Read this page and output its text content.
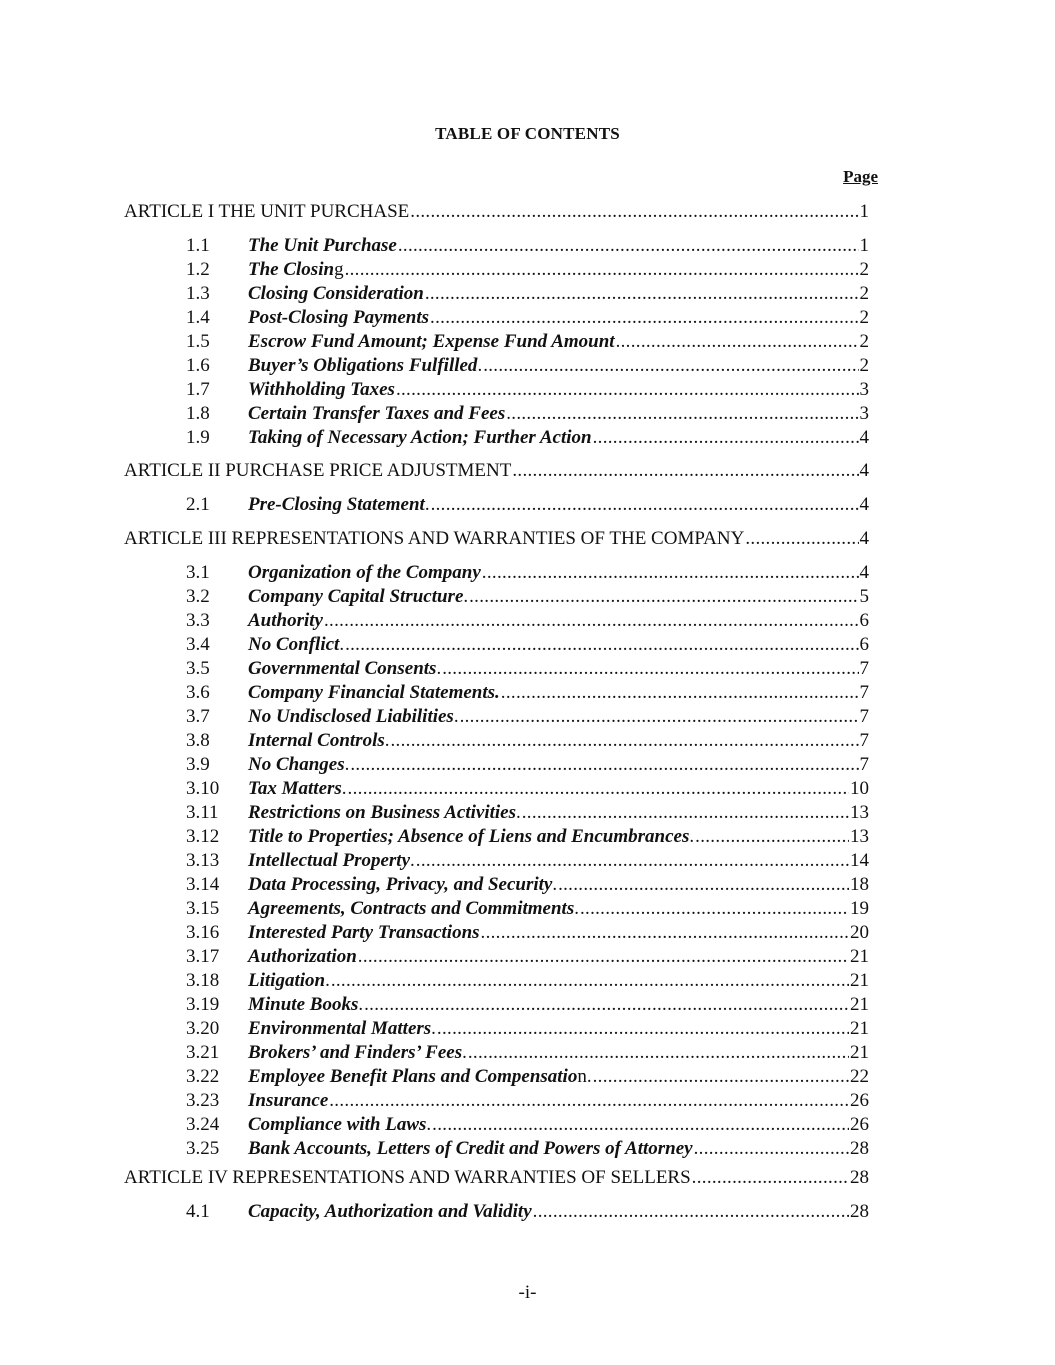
TABLE OF CONTENTS
Page
ARTICLE I THE UNIT PURCHASE .....	1
1.1	The Unit Purchase .....	1
1.2	The Closin g .....	2
1.3	Closing Consideration .....	2
1.4	Post-Closing Payments .....	2
1.5	Escrow Fund Amount; Expense Fund Amount .....	2
1.6	Buyer’s Obligations Fulfilled . .....	2
1.7	Withholding Taxes .....	3
1.8	Certain Transfer Taxes and Fees .....	3
1.9	Taking of Necessary Action; Further Action .....	4
ARTICLE II PURCHASE PRICE ADJUSTMENT .....	4
2.1	Pre-Closing Statement . .....	4
ARTICLE III REPRESENTATIONS AND WARRANTIES OF THE COMPANY .....	4
3.1	Organization of the Company .....	4
3.2	Company Capital Structure . .....	5
3.3	Authority .....	6
3.4	No Conflict . .....	6
3.5	Governmental Consents . .....	7
3.6	Company Financial Statements. .....	7
3.7	No Undisclosed Liabilities . .....	7
3.8	Internal Controls . .....	7
3.9	No Changes . .....	7
3.10	Tax Matters . .....	10
3.11	Restrictions on Business Activities . .....	13
3.12	Title to Properties; Absence of Liens and Encumbrances . .....	13
3.13	Intellectual Property . .....	14
3.14	Data Processing, Privacy, and Security . .....	18
3.15	Agreements, Contracts and Commitments . .....	19
3.16	Interested Party Transactions .....	20
3.17	Authorization .....	21
3.18	Litigation . .....	21
3.19	Minute Books . .....	21
3.20	Environmental Matters . .....	21
3.21	Brokers’ and Finders’ Fees . .....	21
3.22	Employee Benefit Plans and Compensatio n. .....	22
3.23	Insurance .....	26
3.24	Compliance with Laws . .....	26
3.25	Bank Accounts, Letters of Credit and Powers of Attorney .....	28
ARTICLE IV REPRESENTATIONS AND WARRANTIES OF SELLERS .....	28
4.1	Capacity, Authorization and Validity .....	28
-i-
